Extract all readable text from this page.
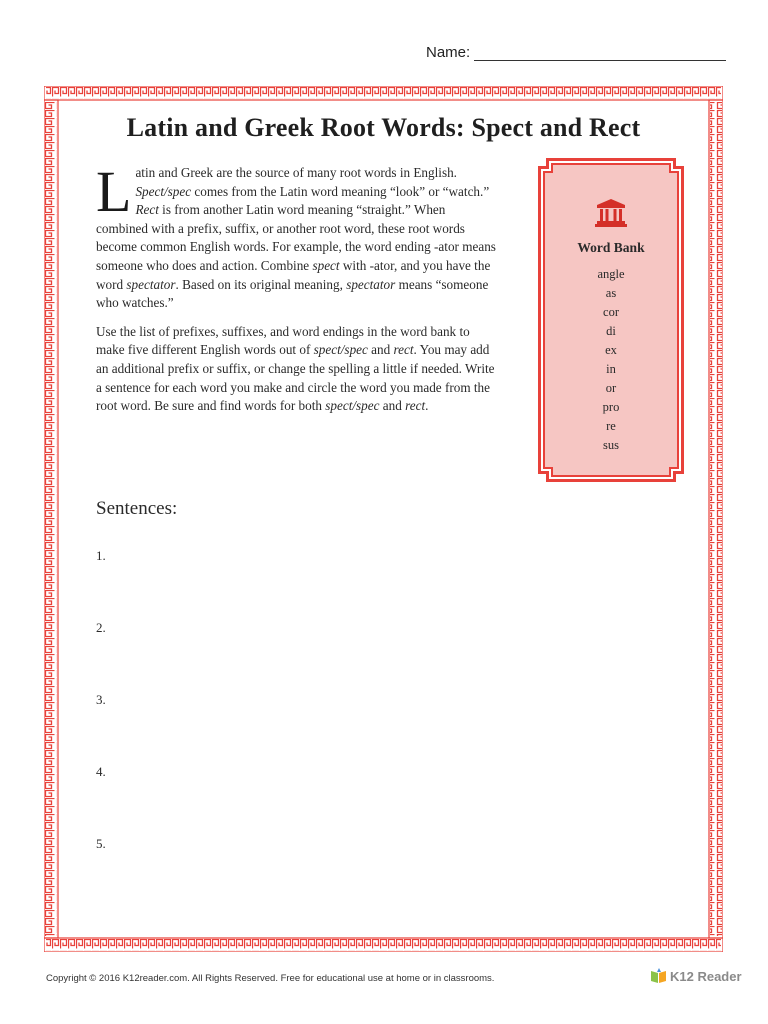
Name:
Latin and Greek Root Words: Spect and Rect

Latin and Greek are the source of many root words in English. Spect/spec comes from the Latin word meaning “look” or “watch.” Rect is from another Latin word meaning “straight.” When combined with a prefix, suffix, or another root word, these root words become common English words. For example, the word ending -ator means someone who does and action. Combine spect with -ator, and you have the word spectator. Based on its original meaning, spectator means “someone who watches.”

Use the list of prefixes, suffixes, and word endings in the word bank to make five different English words out of spect/spec and rect. You may add an additional prefix or suffix, or change the spelling a little if needed. Write a sentence for each word you make and circle the word you made from the root word. Be sure and find words for both spect/spec and rect.

Word Bank
angle
as
cor
di
ex
in
or
pro
re
sus
Sentences:
1.
2.
3.
4.
5.
Copyright © 2016 K12reader.com. All Rights Reserved. Free for educational use at home or in classrooms.	K12 Reader
